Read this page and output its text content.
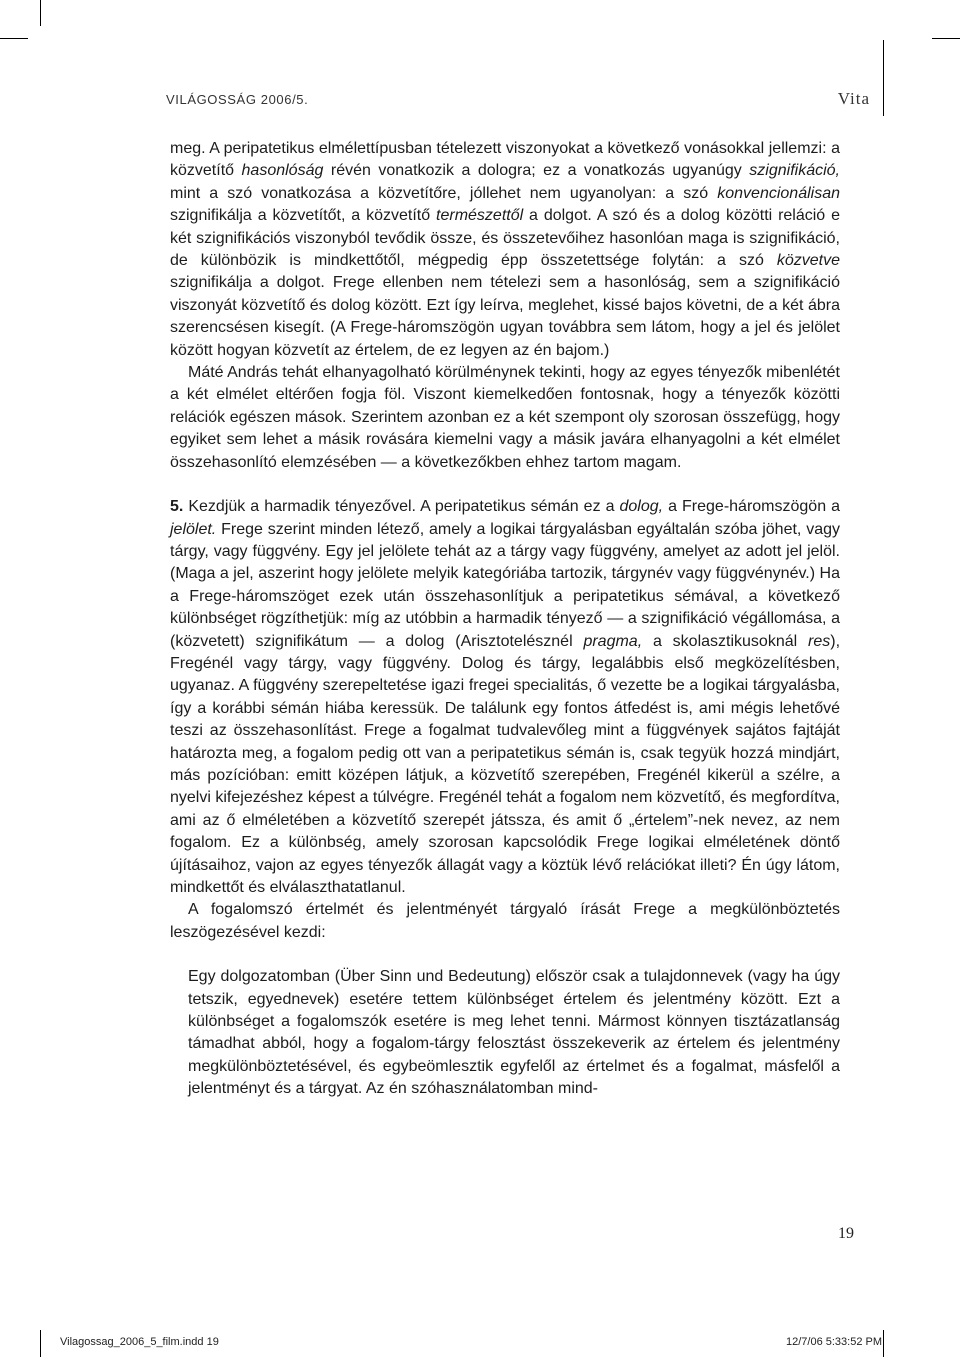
VILÁGOSSÁG 2006/5.	Vita

meg. A peripatetikus elmélettípusban tételezett viszonyokat a következő vonásokkal jellemzi: a közvetítő hasonlóság révén vonatkozik a dologra; ez a vonatkozás ugyanúgy szignifikáció, mint a szó vonatkozása a közvetítőre, jóllehet nem ugyanolyan: a szó konvencionálisan szignifikálja a közvetítőt, a közvetítő természettől a dolgot. A szó és a dolog közötti reláció e két szignifikációs viszonyból tevődik össze, és összetevőihez hasonlóan maga is szignifikáció, de különbözik is mindkettőtől, mégpedig épp összetettsége folytán: a szó közvetve szignifikálja a dolgot. Frege ellenben nem tételezi sem a hasonlóság, sem a szignifikáció viszonyát közvetítő és dolog között. Ezt így leírva, meglehet, kissé bajos követni, de a két ábra szerencsésen kisegít. (A Frege-háromszögön ugyan továbbra sem látom, hogy a jel és jelölet között hogyan közvetít az értelem, de ez legyen az én bajom.)

Máté András tehát elhanyagolható körülménynek tekinti, hogy az egyes tényezők mibenlétét a két elmélet eltérően fogja föl. Viszont kiemelkedően fontosnak, hogy a tényezők közötti relációk egészen mások. Szerintem azonban ez a két szempont oly szorosan összefügg, hogy egyiket sem lehet a másik rovására kiemelni vagy a másik javára elhanyagolni a két elmélet összehasonlító elemzésében — a következőkben ehhez tartom magam.

5. Kezdjük a harmadik tényezővel. A peripatetikus sémán ez a dolog, a Frege-háromszögön a jelölet. Frege szerint minden létező, amely a logikai tárgyalásban egyáltalán szóba jöhet, vagy tárgy, vagy függvény. Egy jel jelölete tehát az a tárgy vagy függvény, amelyet az adott jel jelöl. (Maga a jel, aszerint hogy jelölete melyik kategóriába tartozik, tárgynév vagy függvénynév.) Ha a Frege-háromszöget ezek után összehasonlítjuk a peripatetikus sémával, a következő különbséget rögzíthetjük: míg az utóbbin a harmadik tényező — a szignifikáció végállomása, a (közvetett) szignifikátum — a dolog (Arisztotelésznél pragma, a skolasztikusoknál res), Fregénél vagy tárgy, vagy függvény. Dolog és tárgy, legalábbis első megközelítésben, ugyanaz. A függvény szerepeltetése igazi fregei specialitás, ő vezette be a logikai tárgyalásba, így a korábbi sémán hiába keressük. De találunk egy fontos átfedést is, ami mégis lehetővé teszi az összehasonlítást. Frege a fogalmat tudvalevőleg mint a függvények sajátos fajtáját határozta meg, a fogalom pedig ott van a peripatetikus sémán is, csak tegyük hozzá mindjárt, más pozícióban: emitt középen látjuk, a közvetítő szerepében, Fregénél kikerül a szélre, a nyelvi kifejezéshez képest a túlvégre. Fregénél tehát a fogalom nem közvetítő, és megfordítva, ami az ő elméletében a közvetítő szerepét játssza, és amit ő „értelem”-nek nevez, az nem fogalom. Ez a különbség, amely szorosan kapcsolódik Frege logikai elméletének döntő újításaihoz, vajon az egyes tényezők állagát vagy a köztük lévő relációkat illeti? Én úgy látom, mindkettőt és elválaszthatatlanul.

A fogalomszó értelmét és jelentményét tárgyaló írását Frege a megkülönböztetés leszögezésével kezdi:

Egy dolgozatomban (Über Sinn und Bedeutung) először csak a tulajdonnevek (vagy ha úgy tetszik, egyednevek) esetére tettem különbséget értelem és jelentmény között. Ezt a különbséget a fogalomszók esetére is meg lehet tenni. Mármost könnyen tisztázatlanság támadhat abból, hogy a fogalom-tárgy felosztást összekeverik az értelem és jelentmény megkülönböztetésével, és egybeömlesztik egyfelől az értelmet és a fogalmat, másfelől a jelentményt és a tárgyat. Az én szóhasználatomban mind-

19
Vilagossag_2006_5_film.indd 19	12/7/06 5:33:52 PM
